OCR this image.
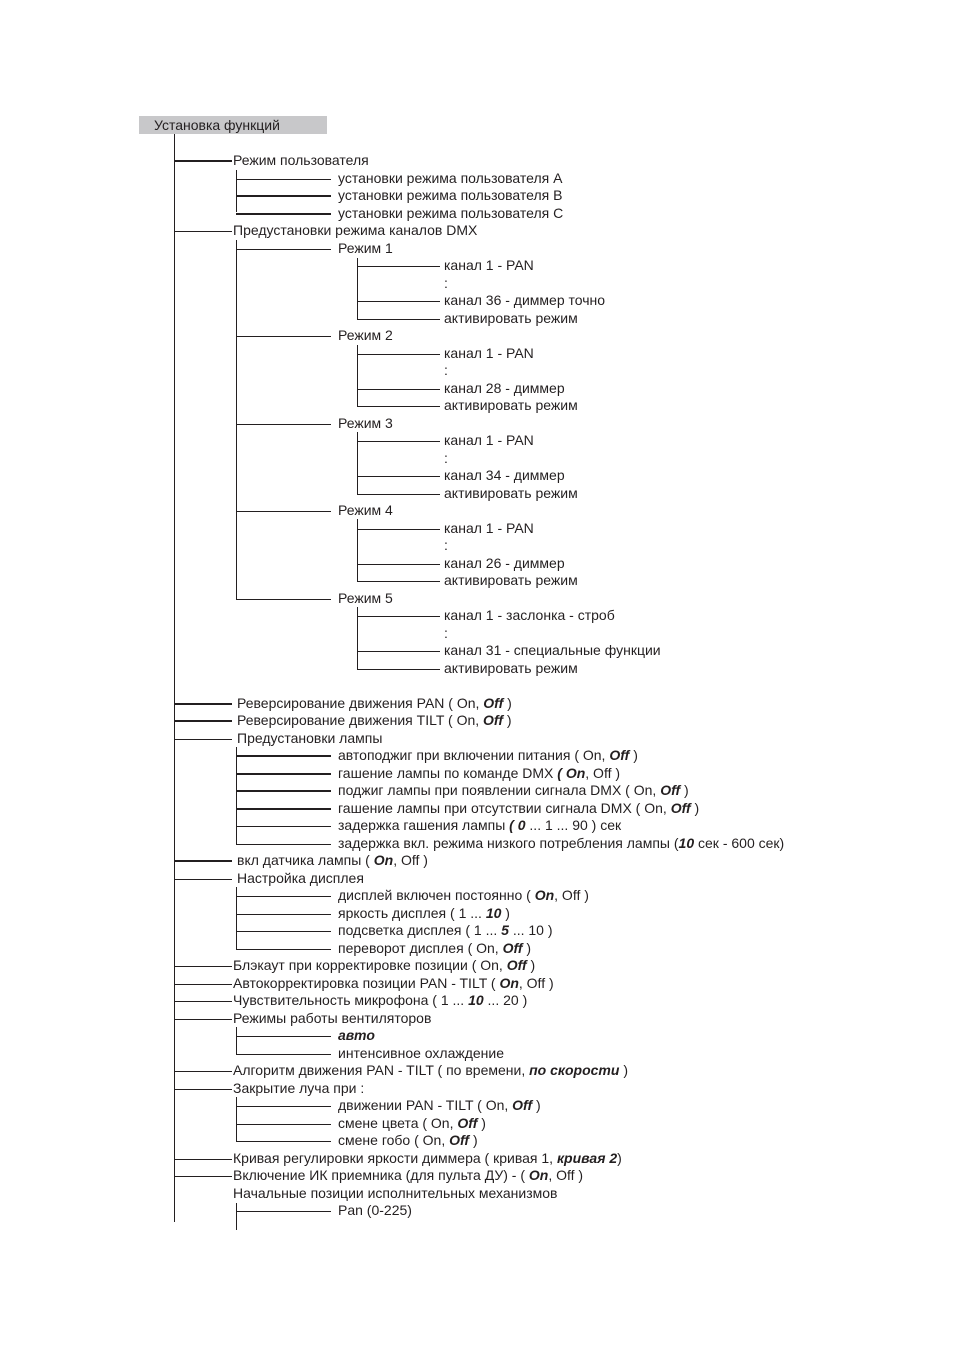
Установка функций
Режим пользователя
установки режима пользователя A
установки режима пользователя B
установки режима пользователя C
Предустановки режима каналов DMX
Режим 1
канал 1 - PAN
:
канал 36 - диммер точно
активировать режим
Режим 2
канал 1 - PAN
:
канал 28 - диммер
активировать режим
Режим 3
канал 1 - PAN
:
канал 34 - диммер
активировать режим
Режим 4
канал 1 - PAN
:
канал 26 - диммер
активировать режим
Режим 5
канал 1 - заслонка - строб
:
канал 31 - специальные функции
активировать режим
Реверсирование движения PAN ( On, Off )
Реверсирование движения TILT ( On, Off )
Предустановки лампы
автоподжиг при включении питания ( On, Off )
гашение лампы по команде DMX ( On, Off )
поджиг лампы при появлении сигнала DMX ( On, Off )
гашение лампы при отсутствии сигнала DMX ( On, Off )
задержка гашения лампы ( 0 ... 1 ... 90 ) сек
задержка вкл. режима низкого потребления лампы (10 сек - 600 сек)
вкл датчика лампы ( On, Off )
Настройка дисплея
дисплей включен постоянно ( On, Off )
яркость дисплея ( 1 ... 10 )
подсветка дисплея ( 1 ... 5 ... 10 )
переворот дисплея ( On, Off )
Блэкаут при корректировке позиции ( On, Off )
Автокорректировка позиции PAN - TILT ( On, Off )
Чувствительность микрофона ( 1 ... 10 ... 20 )
Режимы работы вентиляторов
авто
интенсивное охлаждение
Алгоритм движения PAN - TILT ( по времени, по скорости )
Закрытие луча при :
движении PAN - TILT ( On, Off )
смене цвета ( On, Off )
смене гобо ( On, Off )
Кривая регулировки яркости диммера ( кривая 1, кривая 2)
Включение ИК приемника (для пульта ДУ) - ( On, Off )
Начальные позиции исполнительных механизмов
Pan (0-225)
